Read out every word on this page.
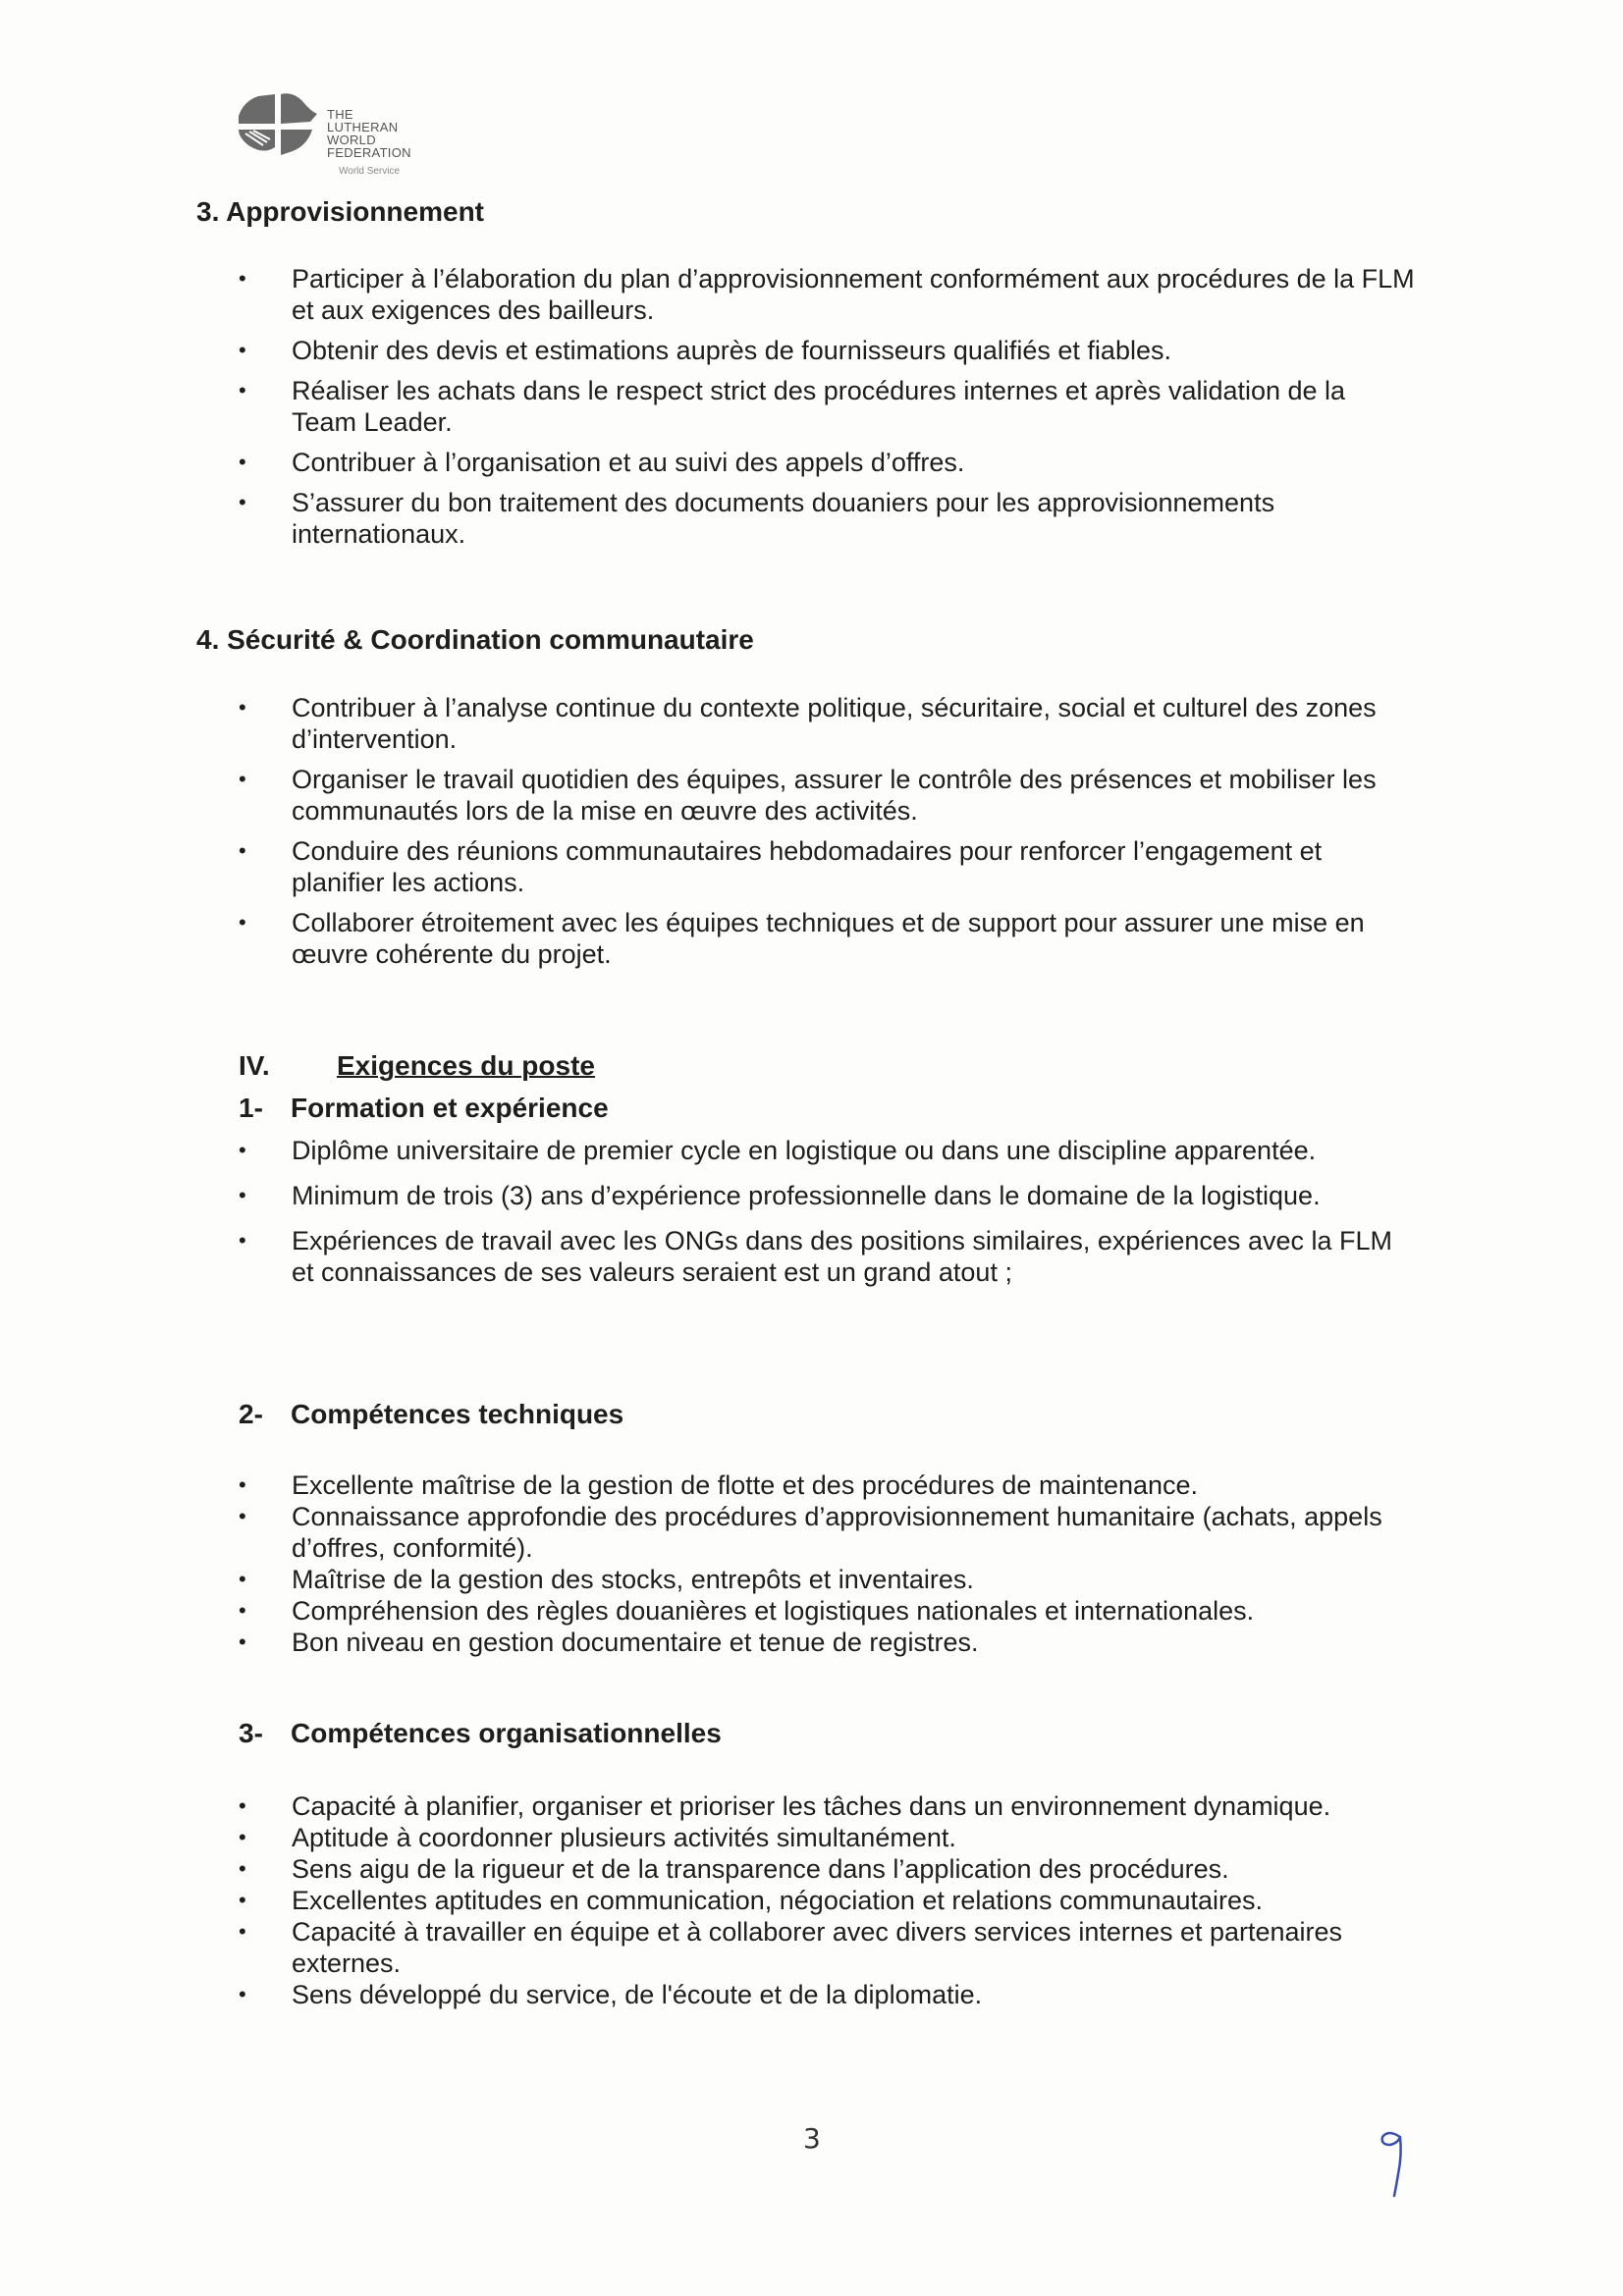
THE
LUTHERAN
WORLD
FEDERATION
World Service
3. Approvisionnement
• Participer à l’élaboration du plan d’approvisionnement conformément aux procédures de la FLM et aux exigences des bailleurs.
• Obtenir des devis et estimations auprès de fournisseurs qualifiés et fiables.
• Réaliser les achats dans le respect strict des procédures internes et après validation de la Team Leader.
• Contribuer à l’organisation et au suivi des appels d’offres.
• S’assurer du bon traitement des documents douaniers pour les approvisionnements internationaux.
4. Sécurité & Coordination communautaire
• Contribuer à l’analyse continue du contexte politique, sécuritaire, social et culturel des zones d’intervention.
• Organiser le travail quotidien des équipes, assurer le contrôle des présences et mobiliser les communautés lors de la mise en œuvre des activités.
• Conduire des réunions communautaires hebdomadaires pour renforcer l’engagement et planifier les actions.
• Collaborer étroitement avec les équipes techniques et de support pour assurer une mise en œuvre cohérente du projet.
IV. Exigences du poste
1- Formation et expérience
• Diplôme universitaire de premier cycle en logistique ou dans une discipline apparentée.
• Minimum de trois (3) ans d’expérience professionnelle dans le domaine de la logistique.
• Expériences de travail avec les ONGs dans des positions similaires, expériences avec la FLM et connaissances de ses valeurs seraient est un grand atout ;
2- Compétences techniques
• Excellente maîtrise de la gestion de flotte et des procédures de maintenance.
• Connaissance approfondie des procédures d’approvisionnement humanitaire (achats, appels d’offres, conformité).
• Maîtrise de la gestion des stocks, entrepôts et inventaires.
• Compréhension des règles douanières et logistiques nationales et internationales.
• Bon niveau en gestion documentaire et tenue de registres.
3- Compétences organisationnelles
• Capacité à planifier, organiser et prioriser les tâches dans un environnement dynamique.
• Aptitude à coordonner plusieurs activités simultanément.
• Sens aigu de la rigueur et de la transparence dans l’application des procédures.
• Excellentes aptitudes en communication, négociation et relations communautaires.
• Capacité à travailler en équipe et à collaborer avec divers services internes et partenaires externes.
• Sens développé du service, de l'écoute et de la diplomatie.
3
